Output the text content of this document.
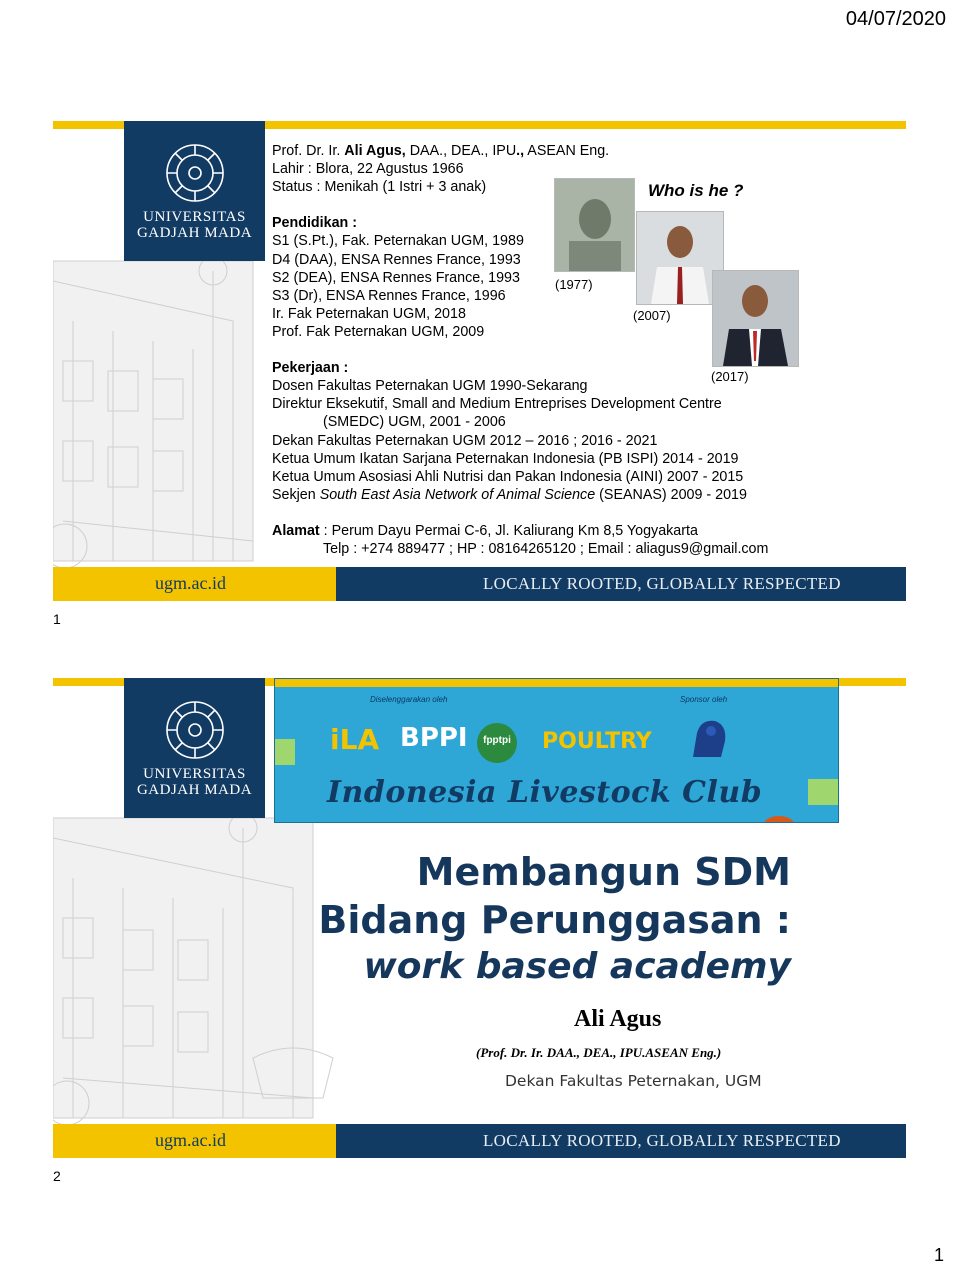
04/07/2020
UNIVERSITAS
GADJAH MADA
Prof. Dr. Ir. Ali Agus, DAA., DEA., IPU., ASEAN Eng.
Lahir : Blora, 22 Agustus 1966
Status : Menikah (1 Istri + 3 anak)
Pendidikan :
S1 (S.Pt.), Fak. Peternakan UGM, 1989
D4 (DAA), ENSA Rennes France, 1993
S2 (DEA), ENSA Rennes France, 1993
S3 (Dr), ENSA Rennes France, 1996
Ir. Fak Peternakan UGM, 2018
Prof. Fak Peternakan UGM, 2009
Pekerjaan :
Dosen Fakultas Peternakan UGM 1990-Sekarang
Direktur Eksekutif, Small and Medium Entreprises Development Centre
(SMEDC) UGM, 2001 - 2006
Dekan Fakultas Peternakan UGM 2012 – 2016 ; 2016 - 2021
Ketua Umum Ikatan Sarjana Peternakan Indonesia (PB ISPI) 2014 - 2019
Ketua Umum Asosiasi Ahli Nutrisi dan Pakan Indonesia (AINI) 2007 - 2015
Sekjen South East Asia Network of Animal Science (SEANAS) 2009 - 2019
Alamat : Perum Dayu Permai C-6, Jl. Kaliurang Km 8,5 Yogyakarta
Telp : +274 889477 ; HP : 08164265120 ; Email : aliagus9@gmail.com
(1977)
Who is he ?
(2007)
(2017)
ugm.ac.id	LOCALLY ROOTED, GLOBALLY RESPECTED
1
UNIVERSITAS
GADJAH MADA
Diselenggarakan oleh	Sponsor oleh
iLA BPPI	fpptpi POULTRY
Indonesia Livestock Club
Membangun SDM
Bidang Perunggasan :
work based academy
Ali Agus
(Prof. Dr. Ir. DAA., DEA., IPU.ASEAN Eng.)
Dekan Fakultas Peternakan, UGM
ugm.ac.id	LOCALLY ROOTED, GLOBALLY RESPECTED
2
1
